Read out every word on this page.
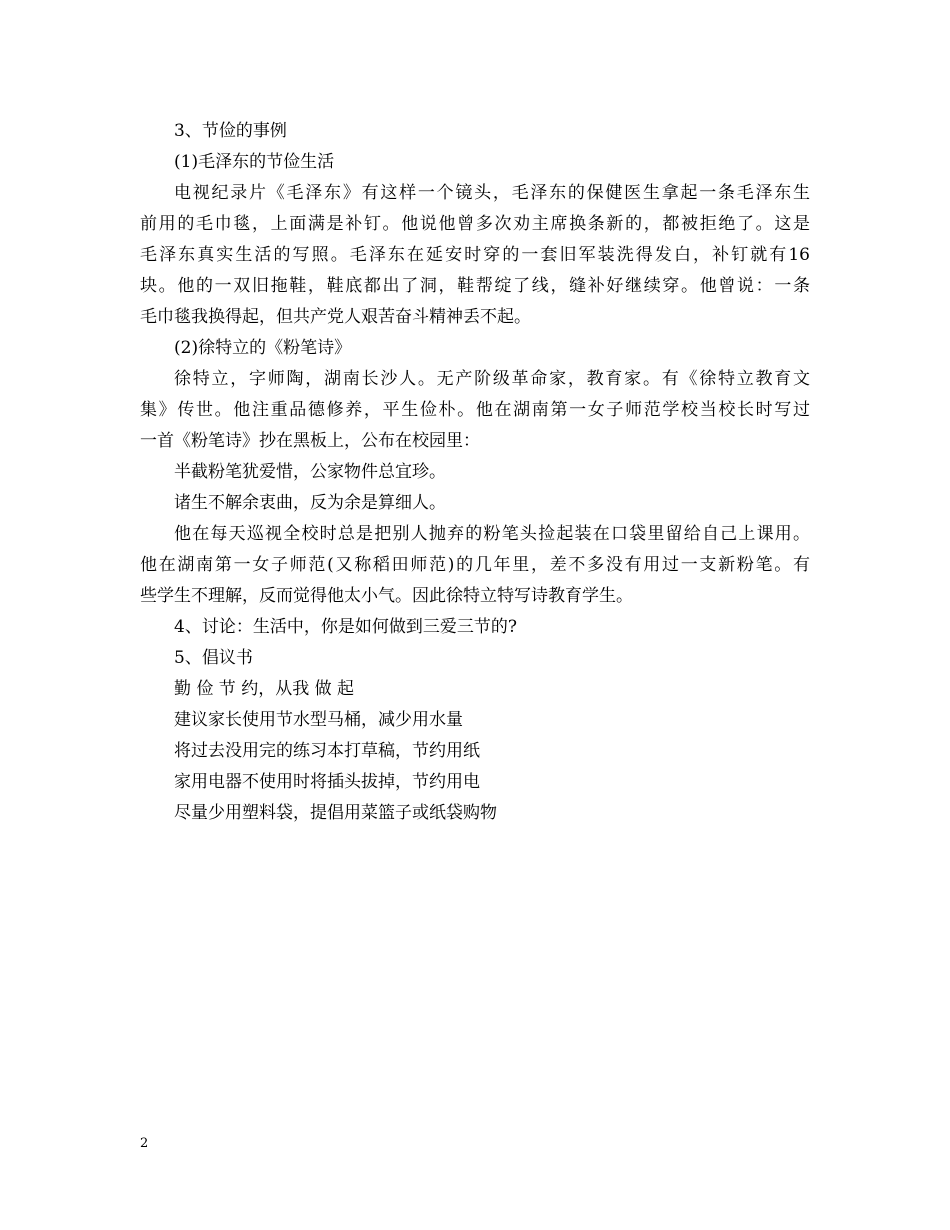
3、节俭的事例
(1)毛泽东的节俭生活
电视纪录片《毛泽东》有这样一个镜头，毛泽东的保健医生拿起一条毛泽东生
前用的毛巾毯，上面满是补钉。他说他曾多次劝主席换条新的，都被拒绝了。这是
毛泽东真实生活的写照。毛泽东在延安时穿的一套旧军装洗得发白，补钉就有16
块。他的一双旧拖鞋，鞋底都出了洞，鞋帮绽了线，缝补好继续穿。他曾说：一条
毛巾毯我换得起，但共产党人艰苦奋斗精神丢不起。
(2)徐特立的《粉笔诗》
徐特立，字师陶，湖南长沙人。无产阶级革命家，教育家。有《徐特立教育文
集》传世。他注重品德修养，平生俭朴。他在湖南第一女子师范学校当校长时写过
一首《粉笔诗》抄在黑板上，公布在校园里：
半截粉笔犹爱惜，公家物件总宜珍。
诸生不解余衷曲，反为余是算细人。
他在每天巡视全校时总是把别人抛弃的粉笔头捡起装在口袋里留给自己上课用。
他在湖南第一女子师范(又称稻田师范)的几年里，差不多没有用过一支新粉笔。有
些学生不理解，反而觉得他太小气。因此徐特立特写诗教育学生。
4、讨论：生活中，你是如何做到三爱三节的?
5、倡议书
勤 俭 节 约，从我 做 起
建议家长使用节水型马桶，减少用水量
将过去没用完的练习本打草稿，节约用纸
家用电器不使用时将插头拔掉，节约用电
尽量少用塑料袋，提倡用菜篮子或纸袋购物
2
